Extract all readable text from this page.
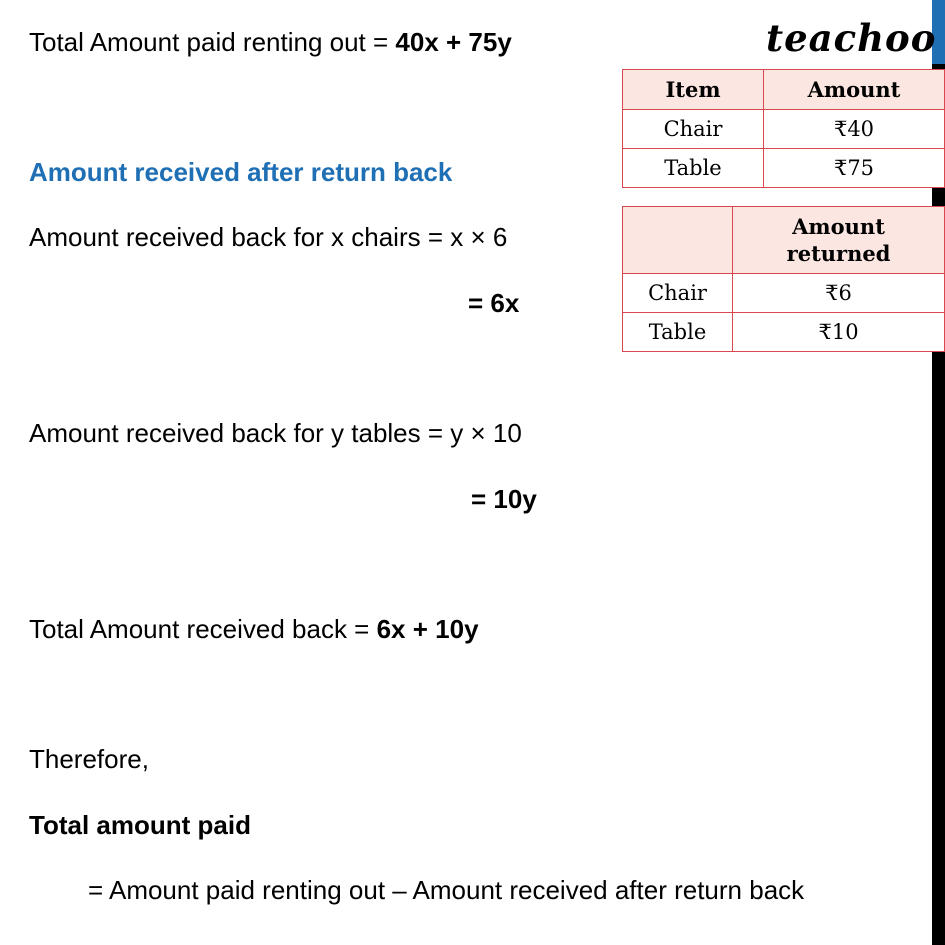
teachoo
Total Amount paid renting out = 40x + 75y
Amount received after return back
Amount received back for x chairs = x × 6
= 6x
Amount received back for y tables = y × 10
= 10y
Total Amount received back = 6x + 10y
Therefore,
Total amount paid
= Amount paid renting out – Amount received after return back
Item	Amount
Chair	₹40
Table	₹75
	Amount returned
Chair	₹6
Table	₹10
